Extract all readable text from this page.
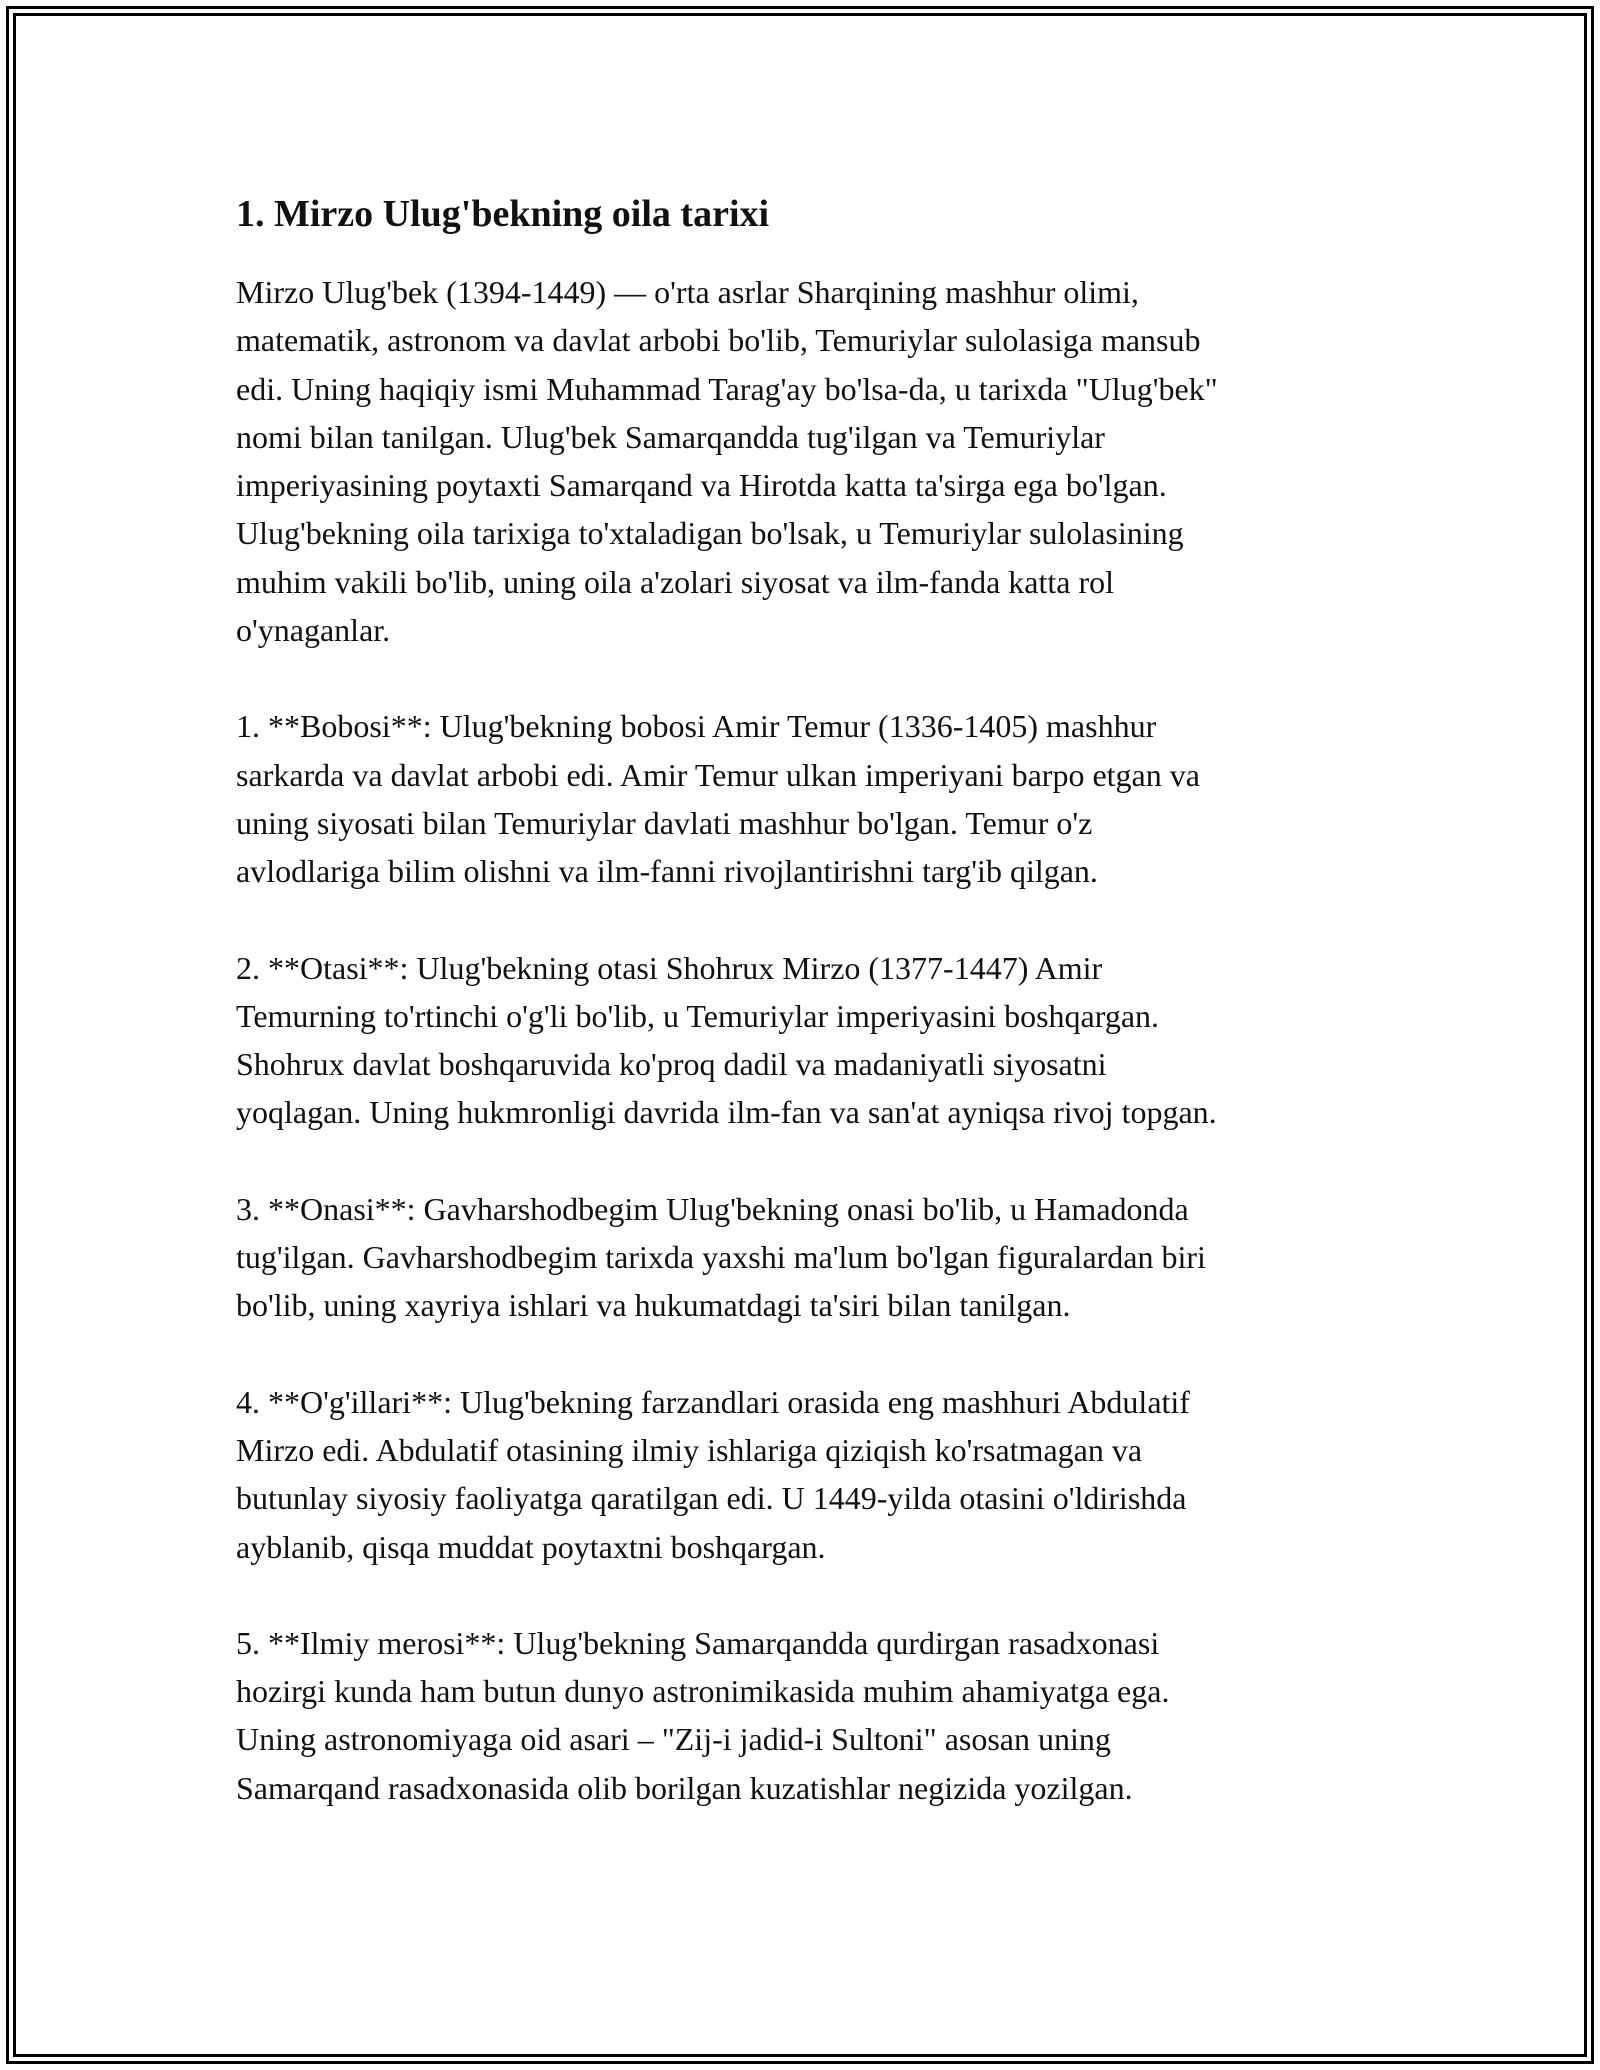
1. Mirzo Ulug'bekning oila tarixi

Mirzo Ulug'bek (1394-1449) — o'rta asrlar Sharqining mashhur olimi,
matematik, astronom va davlat arbobi bo'lib, Temuriylar sulolasiga mansub
edi. Uning haqiqiy ismi Muhammad Tarag'ay bo'lsa-da, u tarixda "Ulug'bek"
nomi bilan tanilgan. Ulug'bek Samarqandda tug'ilgan va Temuriylar
imperiyasining poytaxti Samarqand va Hirotda katta ta'sirga ega bo'lgan.
Ulug'bekning oila tarixiga to'xtaladigan bo'lsak, u Temuriylar sulolasining
muhim vakili bo'lib, uning oila a'zolari siyosat va ilm-fanda katta rol
o'ynaganlar.

1. **Bobosi**: Ulug'bekning bobosi Amir Temur (1336-1405) mashhur
sarkarda va davlat arbobi edi. Amir Temur ulkan imperiyani barpo etgan va
uning siyosati bilan Temuriylar davlati mashhur bo'lgan. Temur o'z
avlodlariga bilim olishni va ilm-fanni rivojlantirishni targ'ib qilgan.

2. **Otasi**: Ulug'bekning otasi Shohrux Mirzo (1377-1447) Amir
Temurning to'rtinchi o'g'li bo'lib, u Temuriylar imperiyasini boshqargan.
Shohrux davlat boshqaruvida ko'proq dadil va madaniyatli siyosatni
yoqlagan. Uning hukmronligi davrida ilm-fan va san'at ayniqsa rivoj topgan.

3. **Onasi**: Gavharshodbegim Ulug'bekning onasi bo'lib, u Hamadonda
tug'ilgan. Gavharshodbegim tarixda yaxshi ma'lum bo'lgan figuralardan biri
bo'lib, uning xayriya ishlari va hukumatdagi ta'siri bilan tanilgan.

4. **O'g'illari**: Ulug'bekning farzandlari orasida eng mashhuri Abdulatif
Mirzo edi. Abdulatif otasining ilmiy ishlariga qiziqish ko'rsatmagan va
butunlay siyosiy faoliyatga qaratilgan edi. U 1449-yilda otasini o'ldirishda
ayblanib, qisqa muddat poytaxtni boshqargan.

5. **Ilmiy merosi**: Ulug'bekning Samarqandda qurdirgan rasadxonasi
hozirgi kunda ham butun dunyo astronimikasida muhim ahamiyatga ega.
Uning astronomiyaga oid asari – "Zij-i jadid-i Sultoni" asosan uning
Samarqand rasadxonasida olib borilgan kuzatishlar negizida yozilgan.
